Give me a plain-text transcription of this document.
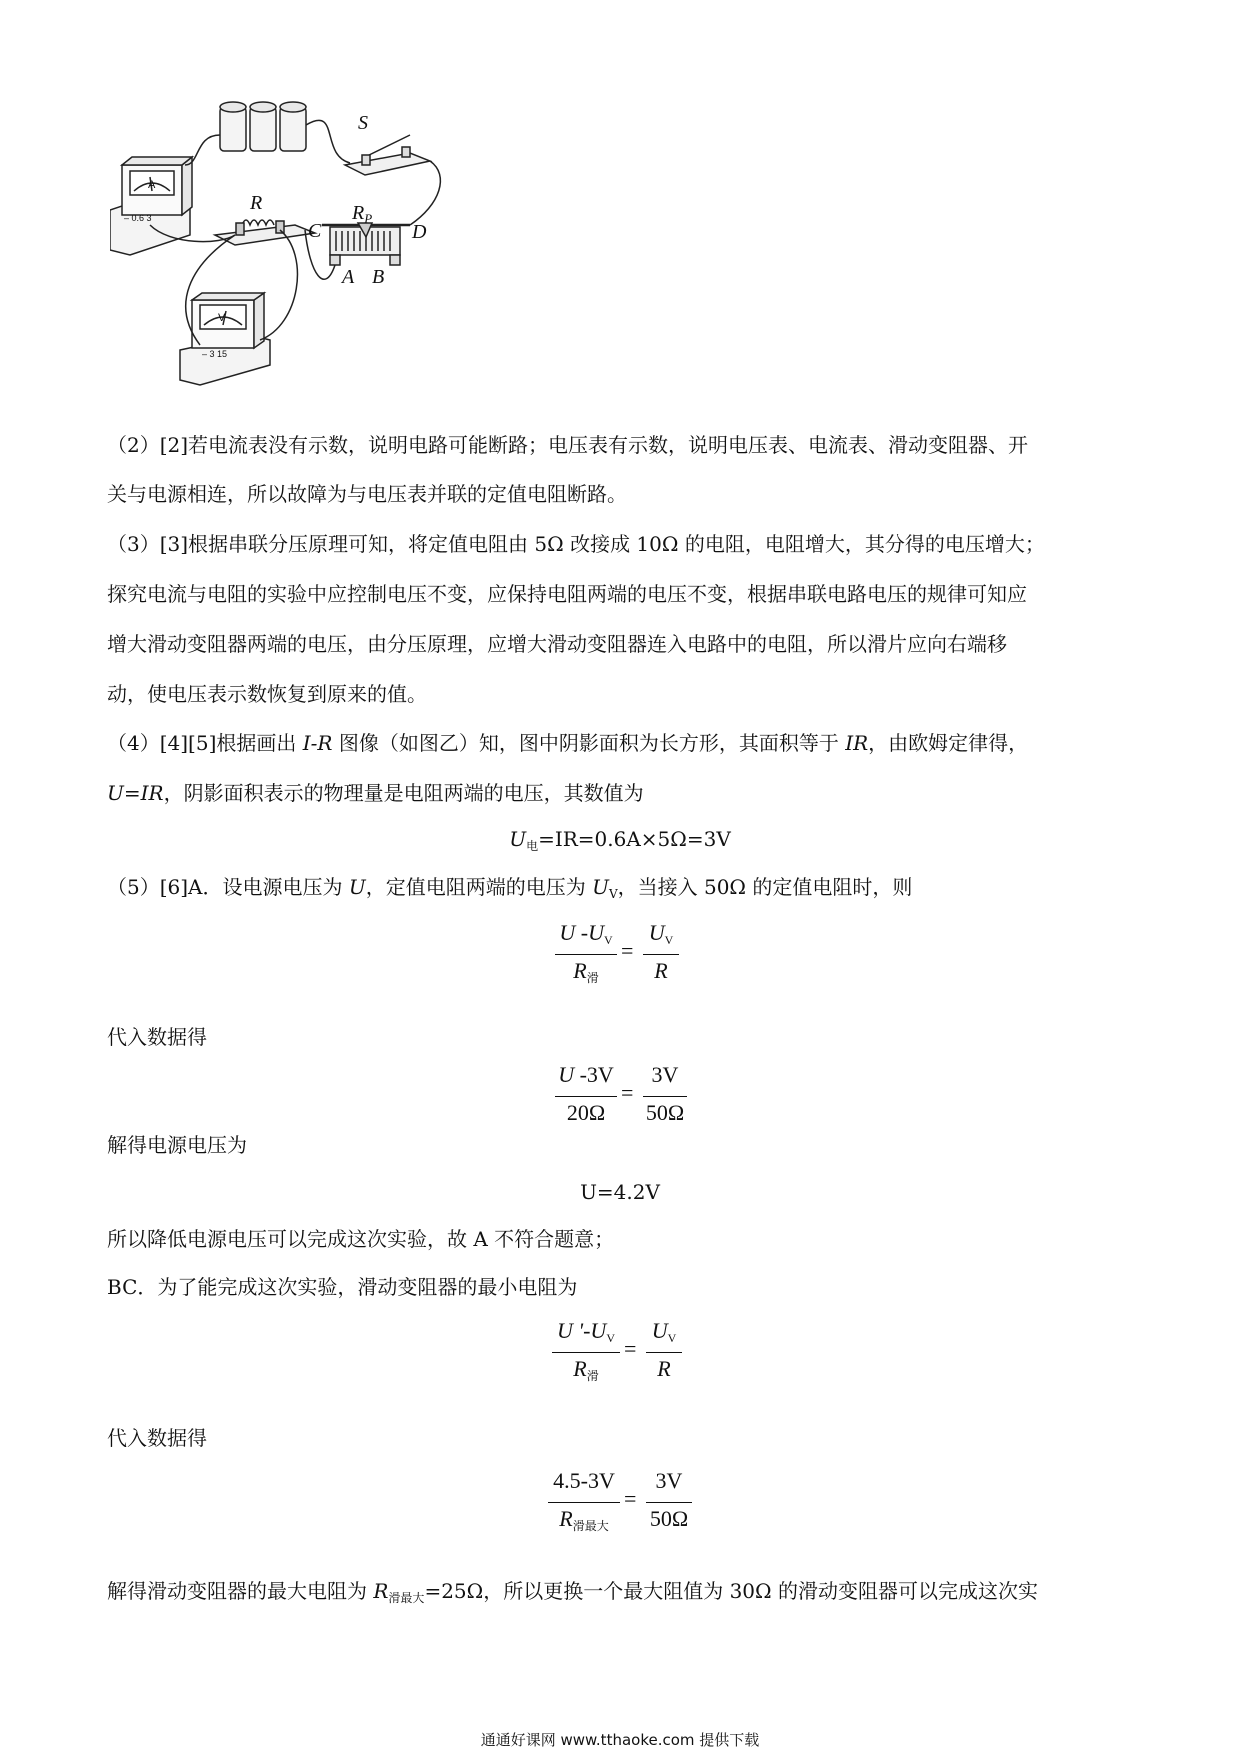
S
R	$R_P$
C	D
A B
A
– 0.6 3
V
– 3 15

（2）[2]若电流表没有示数，说明电路可能断路；电压表有示数，说明电压表、电流表、滑动变阻器、开

关与电源相连，所以故障为与电压表并联的定值电阻断路。

（3）[3]根据串联分压原理可知，将定值电阻由 5Ω 改接成 10Ω 的电阻，电阻增大，其分得的电压增大；

探究电流与电阻的实验中应控制电压不变，应保持电阻两端的电压不变，根据串联电路电压的规律可知应

增大滑动变阻器两端的电压，由分压原理，应增大滑动变阻器连入电路中的电阻，所以滑片应向右端移

动，使电压表示数恢复到原来的值。

（4）[4][5]根据画出 I-R 图像（如图乙）知，图中阴影面积为长方形，其面积等于 IR，由欧姆定律得，

U=IR，阴影面积表示的物理量是电阻两端的电压，其数值为

$U_电=IR=0.6A\times 5\Omega=3V$

（5）[6]A．设电源电压为 U，定值电阻两端的电压为 $U_V$，当接入 50Ω 的定值电阻时，则

U $-U_V$
$R_滑$
=
$U_V$
R

代入数据得

U -3V
20Ω
=
3V
50Ω

解得电源电压为

U=4.2V

所以降低电源电压可以完成这次实验，故 A 不符合题意；

BC．为了能完成这次实验，滑动变阻器的最小电阻为

U '$-U_V$
$R_滑$
=
$U_V$
R

代入数据得

4.5-3V
$R_{滑最大}$
=
3V
50Ω

解得滑动变阻器的最大电阻为 $R_{滑最大}=25\Omega$，所以更换一个最大阻值为 30Ω 的滑动变阻器可以完成这次实

通通好课网 www.tthaoke.com 提供下载
